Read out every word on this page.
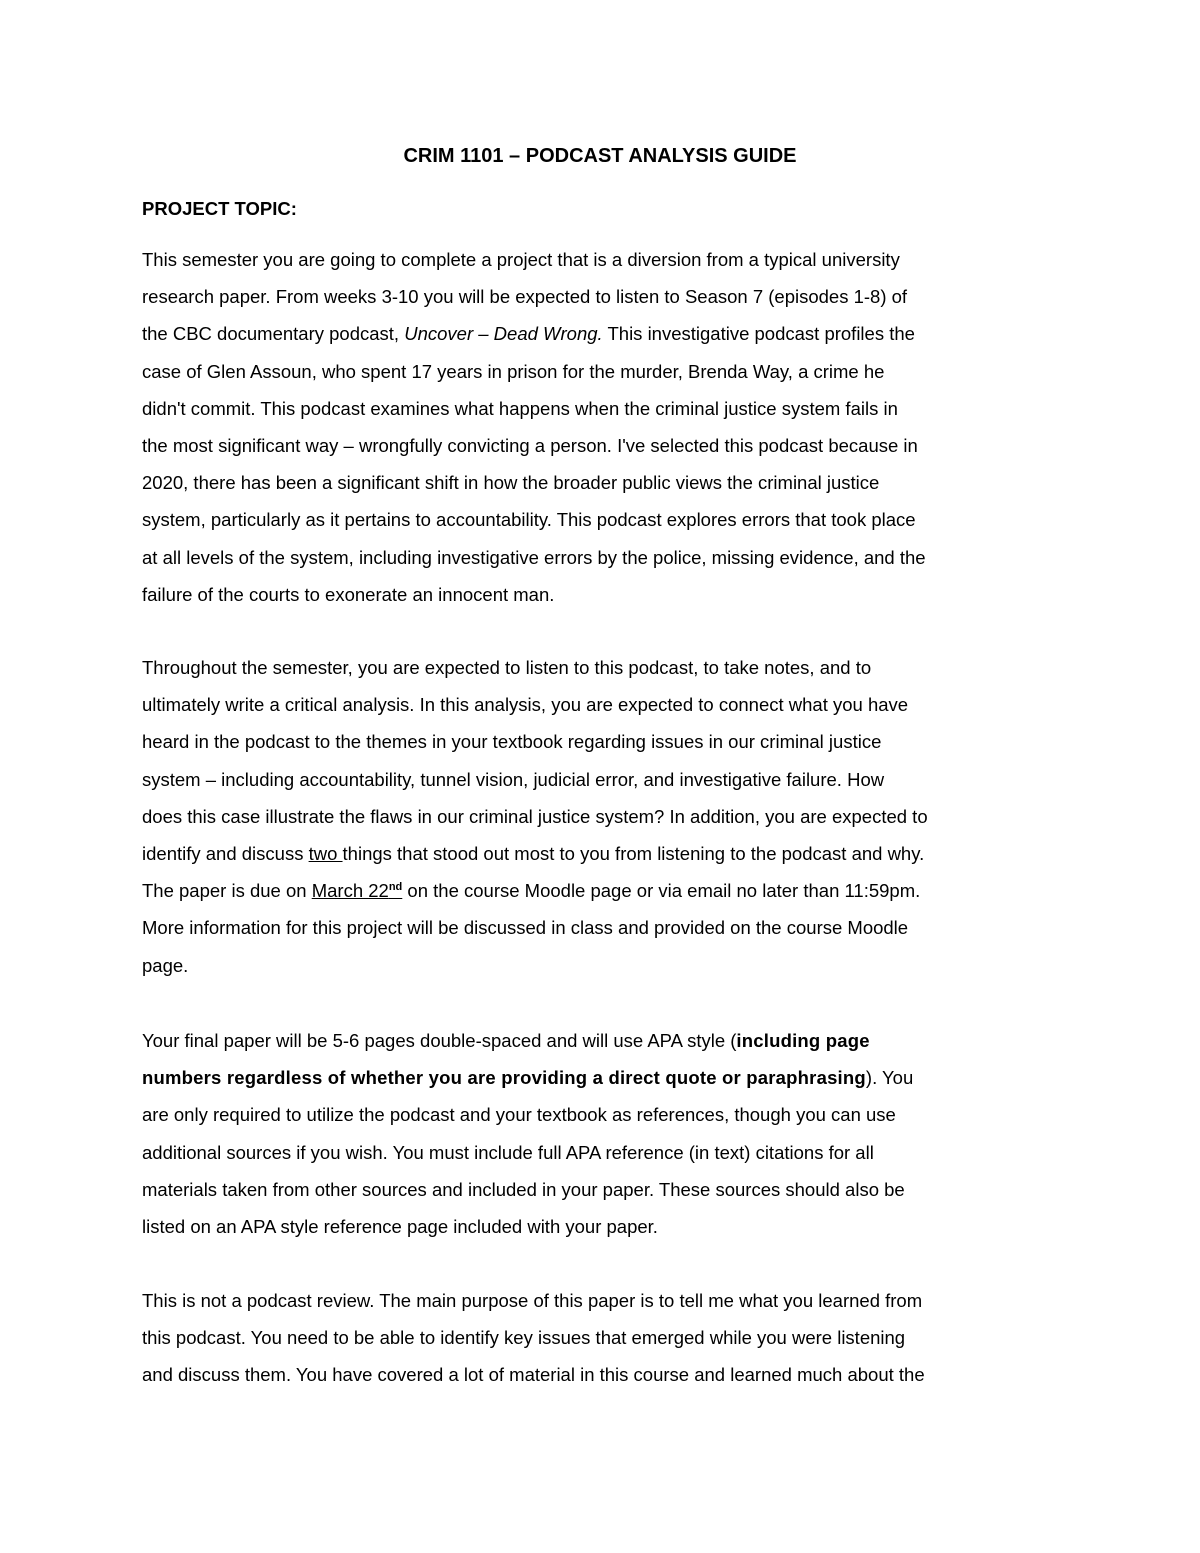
CRIM 1101 – PODCAST ANALYSIS GUIDE
PROJECT TOPIC:
This semester you are going to complete a project that is a diversion from a typical university
research paper. From weeks 3-10 you will be expected to listen to Season 7 (episodes 1-8) of
the CBC documentary podcast, Uncover – Dead Wrong. This investigative podcast profiles the
case of Glen Assoun, who spent 17 years in prison for the murder, Brenda Way, a crime he
didn't commit. This podcast examines what happens when the criminal justice system fails in
the most significant way – wrongfully convicting a person. I've selected this podcast because in
2020, there has been a significant shift in how the broader public views the criminal justice
system, particularly as it pertains to accountability. This podcast explores errors that took place
at all levels of the system, including investigative errors by the police, missing evidence, and the
failure of the courts to exonerate an innocent man.
Throughout the semester, you are expected to listen to this podcast, to take notes, and to
ultimately write a critical analysis. In this analysis, you are expected to connect what you have
heard in the podcast to the themes in your textbook regarding issues in our criminal justice
system – including accountability, tunnel vision, judicial error, and investigative failure. How
does this case illustrate the flaws in our criminal justice system? In addition, you are expected to
identify and discuss two things that stood out most to you from listening to the podcast and why.
The paper is due on March 22nd on the course Moodle page or via email no later than 11:59pm.
More information for this project will be discussed in class and provided on the course Moodle
page.
Your final paper will be 5-6 pages double-spaced and will use APA style (including page
numbers regardless of whether you are providing a direct quote or paraphrasing). You
are only required to utilize the podcast and your textbook as references, though you can use
additional sources if you wish. You must include full APA reference (in text) citations for all
materials taken from other sources and included in your paper. These sources should also be
listed on an APA style reference page included with your paper.
This is not a podcast review. The main purpose of this paper is to tell me what you learned from
this podcast. You need to be able to identify key issues that emerged while you were listening
and discuss them. You have covered a lot of material in this course and learned much about the
